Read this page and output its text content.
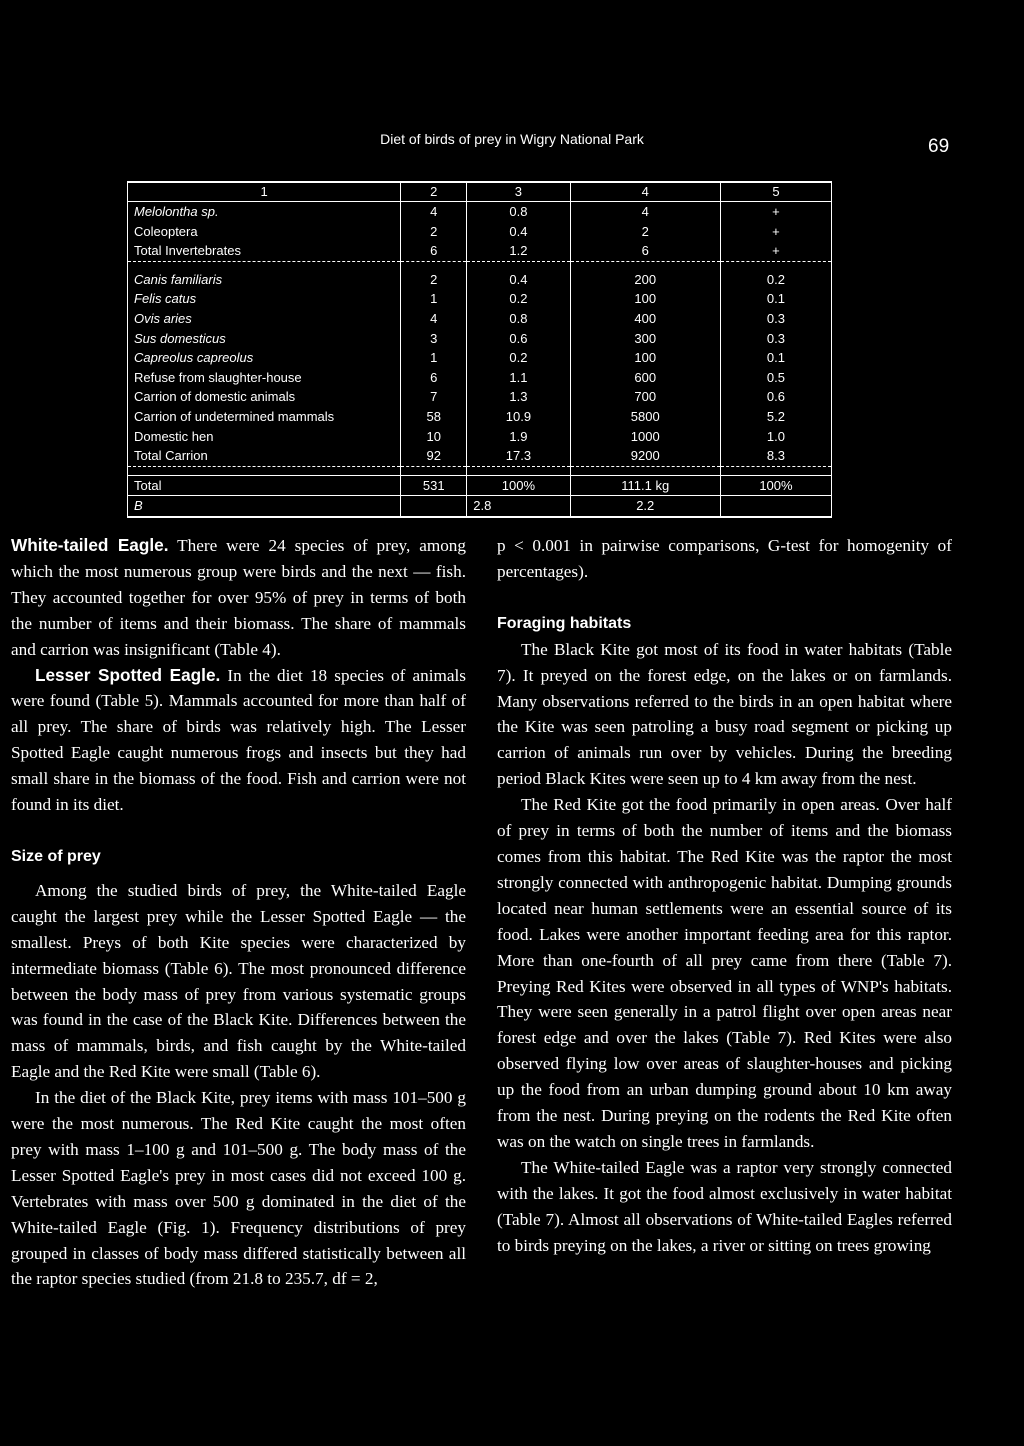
Diet of birds of prey in Wigry National Park	69
1	2	3	4	5
Melolontha sp.	4	0.8	4	+
Coleoptera	2	0.4	2	+
Total Invertebrates	6	1.2	6	+

Canis familiaris	2	0.4	200	0.2
Felis catus	1	0.2	100	0.1
Ovis aries	4	0.8	400	0.3
Sus domesticus	3	0.6	300	0.3
Capreolus capreolus	1	0.2	100	0.1
Refuse from slaughter-house	6	1.1	600	0.5
Carrion of domestic animals	7	1.3	700	0.6
Carrion of undetermined mammals	58	10.9	5800	5.2
Domestic hen	10	1.9	1000	1.0
Total Carrion	92	17.3	9200	8.3

Total	531	100%	111.1 kg	100%
B		2.8	2.2	

White-tailed Eagle. There were 24 species of prey, among which the most numerous group were birds and the next — fish. They accounted together for over 95% of prey in terms of both the number of items and their biomass. The share of mammals and carrion was insignificant (Table 4).

Lesser Spotted Eagle. In the diet 18 species of animals were found (Table 5). Mammals accounted for more than half of all prey. The share of birds was relatively high. The Lesser Spotted Eagle caught numerous frogs and insects but they had small share in the biomass of the food. Fish and carrion were not found in its diet.

Size of prey

Among the studied birds of prey, the White-tailed Eagle caught the largest prey while the Lesser Spotted Eagle — the smallest. Preys of both Kite species were characterized by intermediate biomass (Table 6). The most pronounced difference between the body mass of prey from various systematic groups was found in the case of the Black Kite. Differences between the mass of mammals, birds, and fish caught by the White-tailed Eagle and the Red Kite were small (Table 6).

In the diet of the Black Kite, prey items with mass 101–500 g were the most numerous. The Red Kite caught the most often prey with mass 1–100 g and 101–500 g. The body mass of the Lesser Spotted Eagle's prey in most cases did not exceed 100 g. Vertebrates with mass over 500 g dominated in the diet of the White-tailed Eagle (Fig. 1). Frequency distributions of prey grouped in classes of body mass differed statistically between all the raptor species studied (from 21.8 to 235.7, df = 2,

p < 0.001 in pairwise comparisons, G-test for homogenity of percentages).

Foraging habitats

The Black Kite got most of its food in water habitats (Table 7). It preyed on the forest edge, on the lakes or on farmlands. Many observations referred to the birds in an open habitat where the Kite was seen patroling a busy road segment or picking up carrion of animals run over by vehicles. During the breeding period Black Kites were seen up to 4 km away from the nest.

The Red Kite got the food primarily in open areas. Over half of prey in terms of both the number of items and the biomass comes from this habitat. The Red Kite was the raptor the most strongly connected with anthropogenic habitat. Dumping grounds located near human settlements were an essential source of its food. Lakes were another important feeding area for this raptor. More than one-fourth of all prey came from there (Table 7). Preying Red Kites were observed in all types of WNP's habitats. They were seen generally in a patrol flight over open areas near forest edge and over the lakes (Table 7). Red Kites were also observed flying low over areas of slaughter-houses and picking up the food from an urban dumping ground about 10 km away from the nest. During preying on the rodents the Red Kite often was on the watch on single trees in farmlands.

The White-tailed Eagle was a raptor very strongly connected with the lakes. It got the food almost exclusively in water habitat (Table 7). Almost all observations of White-tailed Eagles referred to birds preying on the lakes, a river or sitting on trees growing
